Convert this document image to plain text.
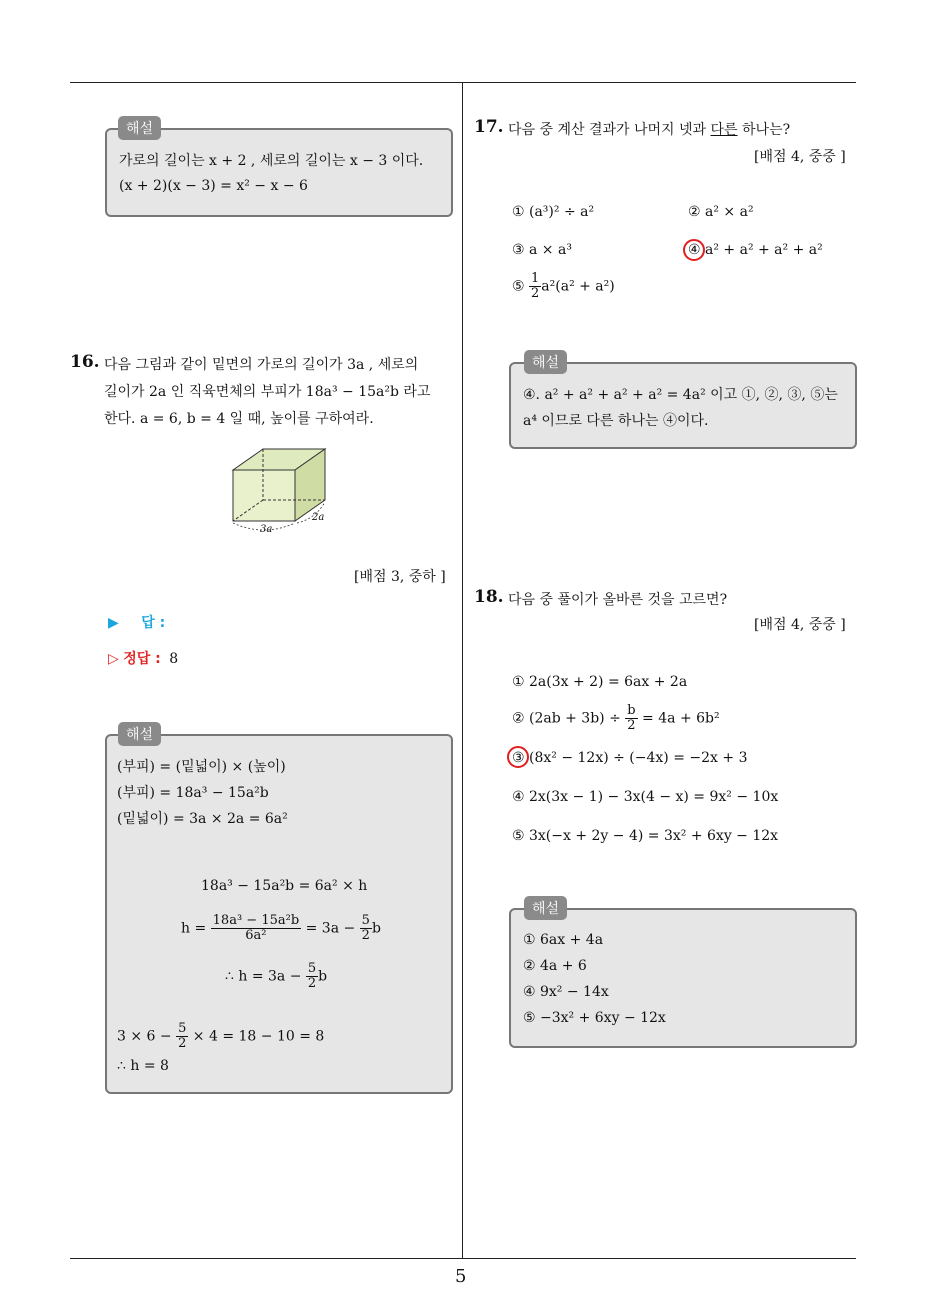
5
가로의 길이는 x + 2 , 세로의 길이는 x − 3 이다.
(x + 2)(x − 3) = x² − x − 6
해설
16. 다음 그림과 같이 밑면의 가로의 길이가 3a , 세로의
길이가 2a 인 직육면체의 부피가 18a³ − 15a²b 라고
한다. a = 6, b = 4 일 때, 높이를 구하여라.
3a
2a
[배점 3, 중하 ]
▶ 답 :
▷ 정답 : 8
(부피) = (밑넓이) × (높이)
(부피) = 18a³ − 15a²b
(밑넓이) = 3a × 2a = 6a²
18a³ − 15a²b = 6a² × h
$h = \frac{\text{18a³ − 15a²b}}{\text{6a²}} = 3a - \frac{5}{2}$ b
∴ $h = 3a - \frac{5}{2}$ b
$3 \times 6 - \frac{5}{2} \times 4 = 18 - 10 = 8$
∴ h = 8
해설
17. 다음 중 계산 결과가 나머지 넷과 다른 하나는?
[배점 4, 중중 ]
① (a³)² ÷ a²	② a² × a²
③ a × a³	④ a² + a² + a² + a²
⑤ $\frac{1}{2} a^2(a^2 + a^2)$
④. a² + a² + a² + a² = 4a² 이고 ①, ②, ③, ⑤는
a⁴ 이므로 다른 하나는 ④이다.
해설
18. 다음 중 풀이가 올바른 것을 고르면?
[배점 4, 중중 ]
① 2a(3x + 2) = 6ax + 2a
② $(2ab + 3b) \div \frac{b}{2} = 4a + 6b^2$
③ (8x² − 12x) ÷ (−4x) = −2x + 3
④ 2x(3x − 1) − 3x(4 − x) = 9x² − 10x
⑤ 3x(−x + 2y − 4) = 3x² + 6xy − 12x
① 6ax + 4a
② 4a + 6
④ 9x² − 14x
⑤ −3x² + 6xy − 12x
해설
